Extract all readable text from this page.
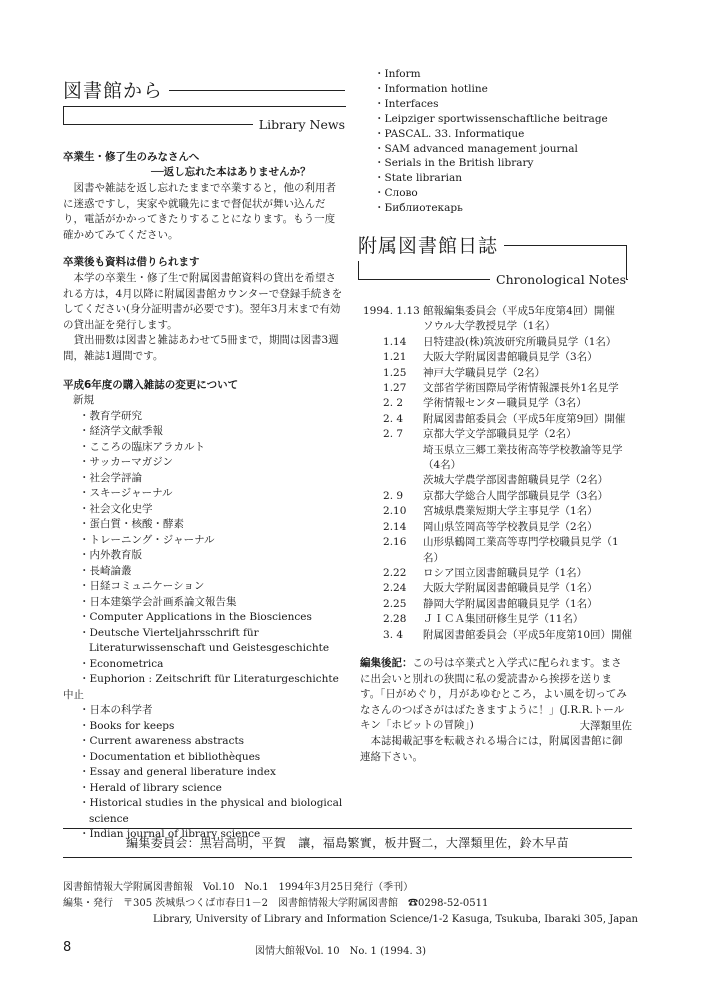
図書館から
Library News
卒業生・修了生のみなさんへ
──返し忘れた本はありませんか？

図書や雑誌を返し忘れたままで卒業すると，他の利用者に迷惑ですし，実家や就職先にまで督促状が舞い込んだり，電話がかかってきたりすることになります。もう一度確かめてみてください。

卒業後も資料は借りられます

本学の卒業生・修了生で附属図書館資料の貸出を希望される方は，4月以降に附属図書館カウンターで登録手続きをしてください(身分証明書が必要です)。翌年3月末まで有効の貸出証を発行します。

貸出冊数は図書と雑誌あわせて5冊まで，期間は図書3週間，雑誌1週間です。

平成6年度の購入雑誌の変更について
新規
・ 教育学研究
・ 経済学文献季報
・ こころの臨床アラカルト
・ サッカーマガジン
・ 社会学評論
・ スキージャーナル
・ 社会文化史学
・ 蛋白質・核酸・酵素
・ トレーニング・ジャーナル
・ 内外教育版
・ 長崎論叢
・ 日経コミュニケーション
・ 日本建築学会計画系論文報告集
・ Computer Applications in the Biosciences
・ Deutsche Vierteljahrsschrift für Literaturwissenschaft und Geistesgeschichte
・ Econometrica
・ Euphorion : Zeitschrift für Literaturgeschichte
中止
・ 日本の科学者
・ Books for keeps
・ Current awareness abstracts
・ Documentation et bibliothèques
・ Essay and general liberature index
・ Herald of library science
・ Historical studies in the physical and biological science
・ Indian journal of library science
・ Inform
・ Information hotline
・ Interfaces
・ Leipziger sportwissenschaftliche beitrage
・ PASCAL. 33. Informatique
・ SAM advanced management journal
・ Serials in the British library
・ State librarian
・ Слово
・ Библиотекарь
附属図書館日誌
Chronological Notes
1994. 1.13 館報編集委員会（平成5年度第4回）開催
ソウル大学教授見学（1名）
1.14	日特建設(株)筑波研究所職員見学（1名）
1.21	大阪大学附属図書館職員見学（3名）
1.25	神戸大学職員見学（2名）
1.27	文部省学術国際局学術情報課長外1名見学
2. 2	学術情報センター職員見学（3名）
2. 4	附属図書館委員会（平成5年度第9回）開催
2. 7	京都大学文学部職員見学（2名）
埼玉県立三郷工業技術高等学校教諭等見学（4名）
茨城大学農学部図書館職員見学（2名）
2. 9	京都大学総合人間学部職員見学（3名）
2.10	宮城県農業短期大学主事見学（1名）
2.14	岡山県笠岡高等学校教員見学（2名）
2.16	山形県鶴岡工業高等専門学校職員見学（1名）
2.22	ロシア国立図書館職員見学（1名）
2.24	大阪大学附属図書館職員見学（1名）
2.25	静岡大学附属図書館職員見学（1名）
2.28	ＪＩＣＡ集団研修生見学（11名）
3. 4	附属図書館委員会（平成5年度第10回）開催

編集後記：この号は卒業式と入学式に配られます。まさに出会いと別れの狭間に私の愛読書から挨拶を送ります。「日がめぐり，月があゆむところ，よい風を切ってみなさんのつばさがはばたきますように！」(J.R.R.トールキン「ホビットの冒険」)	大澤類里佐

本誌掲載記事を転載される場合には，附属図書館に御連絡下さい。

編集委員会：黒岩高明，平賀　讓，福島繁實，板井賢二，大澤類里佐，鈴木早苗
図書館情報大学附属図書館報　Vol.10　No.1　1994年3月25日発行（季刊）
編集・発行　〒305 茨城県つくば市春日1－2　図書館情報大学附属図書館　☎0298-52-0511
Library, University of Library and Information Science/1-2 Kasuga, Tsukuba, Ibaraki 305, Japan
8	図情大館報Vol. 10　No. 1 (1994. 3)
